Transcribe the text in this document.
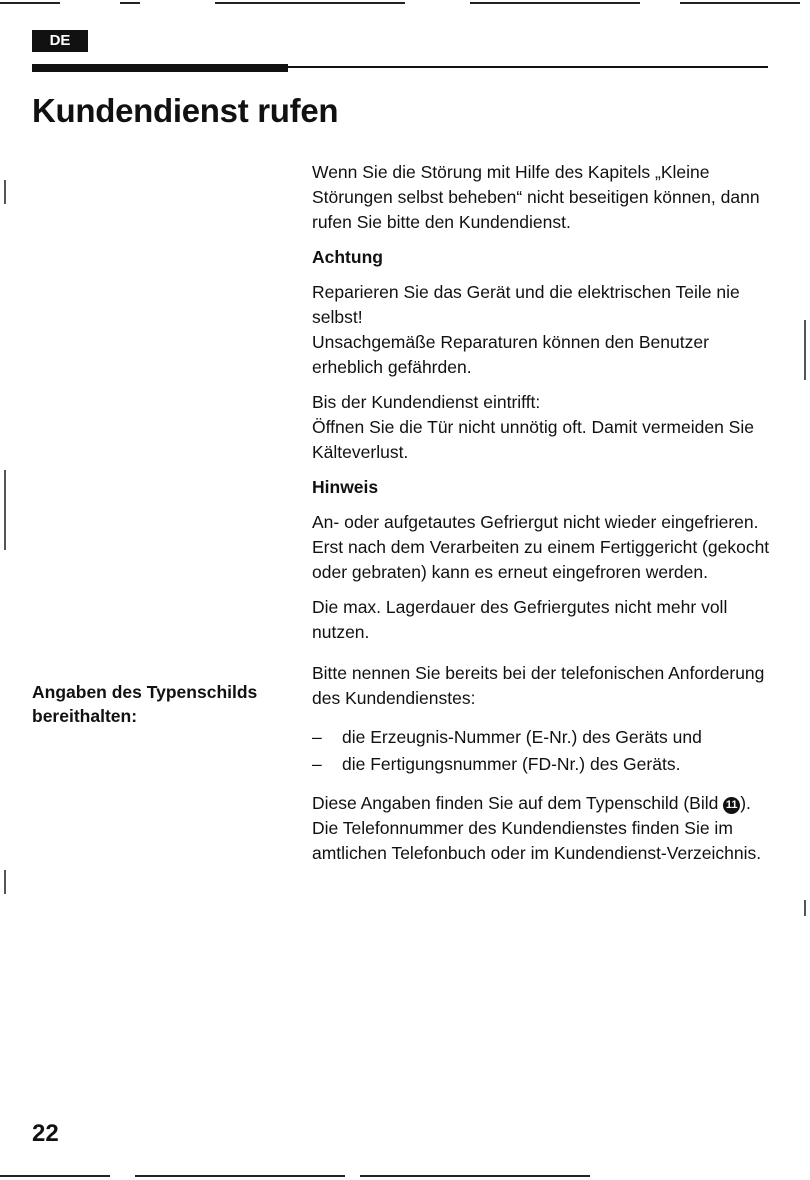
DE
Kundendienst rufen

Wenn Sie die Störung mit Hilfe des Kapitels „Kleine Störungen selbst beheben“ nicht beseitigen können, dann rufen Sie bitte den Kundendienst.

Achtung

Reparieren Sie das Gerät und die elektrischen Teile nie selbst!
Unsachgemäße Reparaturen können den Benutzer erheblich gefährden.

Bis der Kundendienst eintrifft:
Öffnen Sie die Tür nicht unnötig oft. Damit vermeiden Sie Kälteverlust.

Hinweis

An- oder aufgetautes Gefriergut nicht wieder eingefrieren. Erst nach dem Verarbeiten zu einem Fertiggericht (gekocht oder gebraten) kann es erneut eingefroren werden.

Die max. Lagerdauer des Gefriergutes nicht mehr voll nutzen.

Bitte nennen Sie bereits bei der telefonischen Anforderung des Kundendienstes:

– die Erzeugnis-Nummer (E-Nr.) des Geräts und
– die Fertigungsnummer (FD-Nr.) des Geräts.

Diese Angaben finden Sie auf dem Typenschild (Bild 11 ). Die Telefonnummer des Kundendienstes finden Sie im amtlichen Telefonbuch oder im Kundendienst-Verzeichnis.

Angaben des Typenschilds bereithalten:
22
